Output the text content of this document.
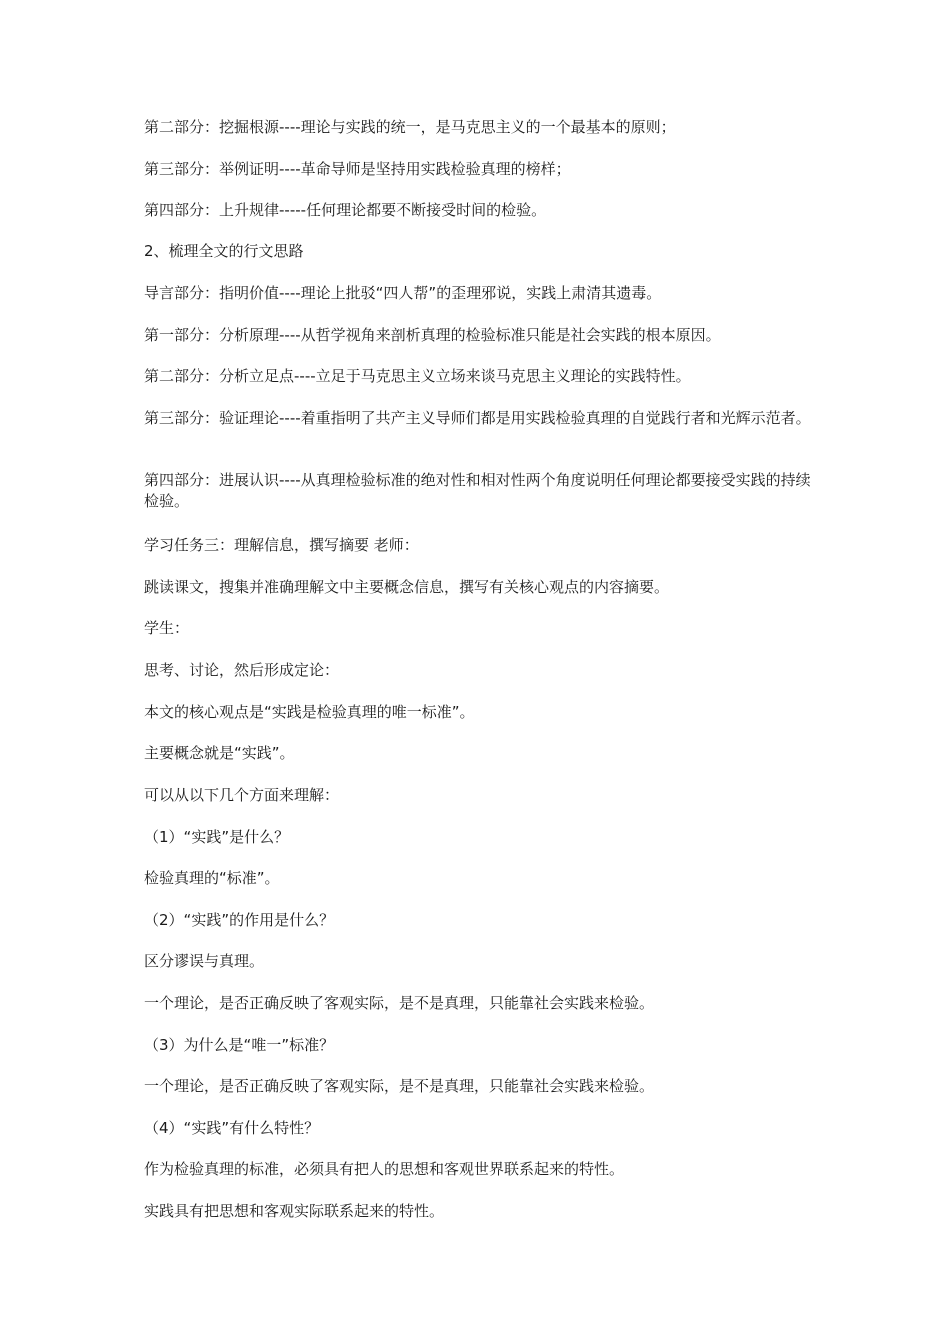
第二部分：挖掘根源----理论与实践的统一，是马克思主义的一个最基本的原则；

第三部分：举例证明----革命导师是坚持用实践检验真理的榜样；

第四部分：上升规律-----任何理论都要不断接受时间的检验。

2、梳理全文的行文思路

导言部分：指明价值----理论上批驳“四人帮”的歪理邪说，实践上肃清其遗毒。

第一部分：分析原理----从哲学视角来剖析真理的检验标准只能是社会实践的根本原因。

第二部分：分析立足点----立足于马克思主义立场来谈马克思主义理论的实践特性。

第三部分：验证理论----着重指明了共产主义导师们都是用实践检验真理的自觉践行者和光辉示范者。

第四部分：进展认识----从真理检验标准的绝对性和相对性两个角度说明任何理论都要接受实践的持续检验。

学习任务三：理解信息，撰写摘要 老师：

跳读课文，搜集并准确理解文中主要概念信息，撰写有关核心观点的内容摘要。

学生：

思考、讨论，然后形成定论：

本文的核心观点是“实践是检验真理的唯一标准”。

主要概念就是“实践”。

可以从以下几个方面来理解：

（1）“实践”是什么？

检验真理的“标准”。

（2）“实践”的作用是什么？

区分谬误与真理。

一个理论，是否正确反映了客观实际，是不是真理，只能靠社会实践来检验。

（3）为什么是“唯一”标准？

一个理论，是否正确反映了客观实际，是不是真理，只能靠社会实践来检验。

（4）“实践”有什么特性？

作为检验真理的标准，必须具有把人的思想和客观世界联系起来的特性。

实践具有把思想和客观实际联系起来的特性。
